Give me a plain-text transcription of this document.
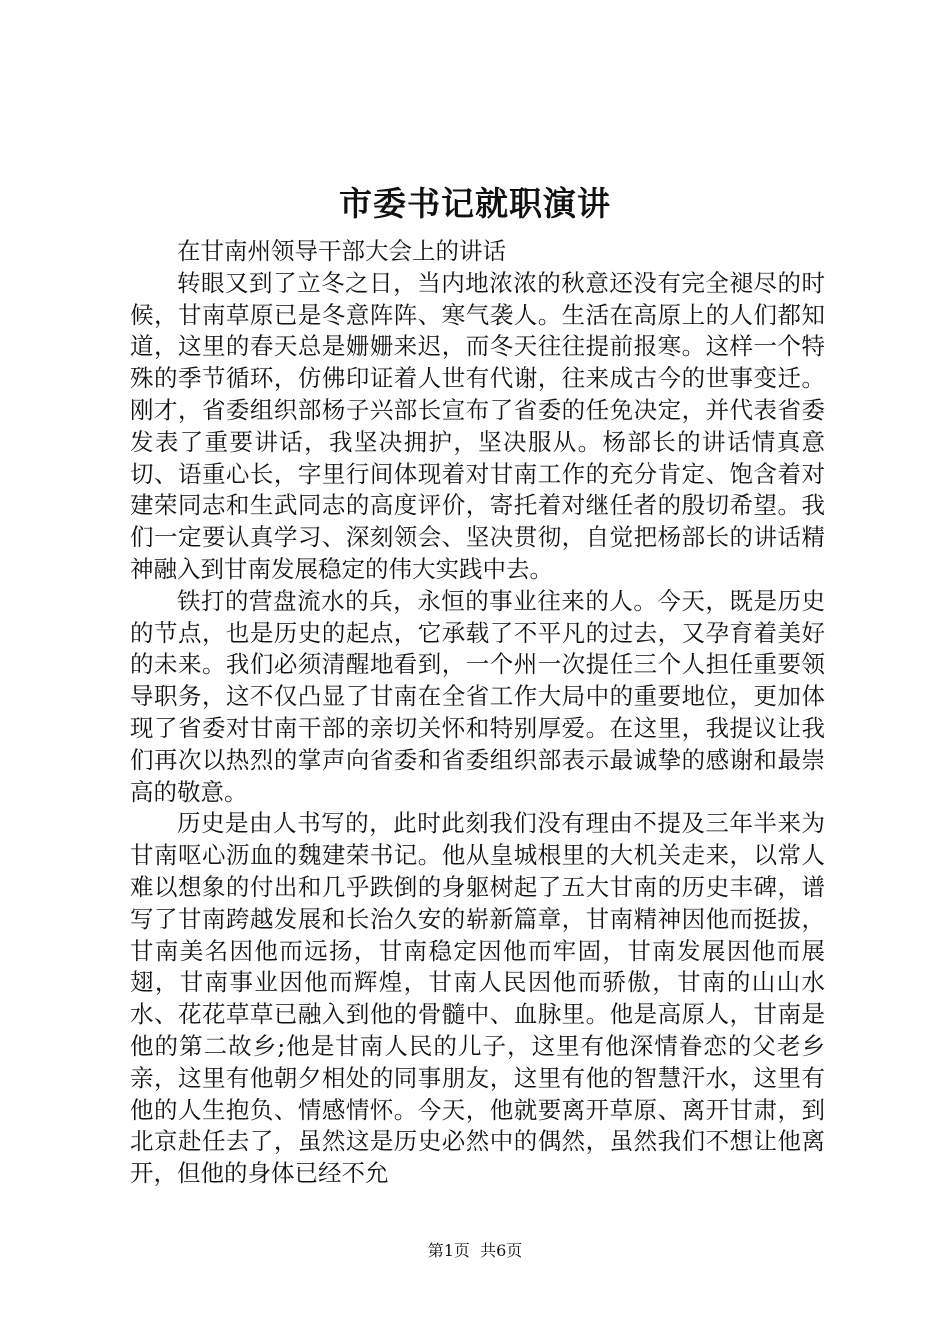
市委书记就职演讲

在甘南州领导干部大会上的讲话

转眼又到了立冬之日，当内地浓浓的秋意还没有完全褪尽的时候，甘南草原已是冬意阵阵、寒气袭人。生活在高原上的人们都知道，这里的春天总是姗姗来迟，而冬天往往提前报寒。这样一个特殊的季节循环，仿佛印证着人世有代谢，往来成古今的世事变迁。刚才，省委组织部杨子兴部长宣布了省委的任免决定，并代表省委发表了重要讲话，我坚决拥护，坚决服从。杨部长的讲话情真意切、语重心长，字里行间体现着对甘南工作的充分肯定、饱含着对建荣同志和生武同志的高度评价，寄托着对继任者的殷切希望。我们一定要认真学习、深刻领会、坚决贯彻，自觉把杨部长的讲话精神融入到甘南发展稳定的伟大实践中去。

铁打的营盘流水的兵，永恒的事业往来的人。今天，既是历史的节点，也是历史的起点，它承载了不平凡的过去，又孕育着美好的未来。我们必须清醒地看到，一个州一次提任三个人担任重要领导职务，这不仅凸显了甘南在全省工作大局中的重要地位，更加体现了省委对甘南干部的亲切关怀和特别厚爱。在这里，我提议让我们再次以热烈的掌声向省委和省委组织部表示最诚挚的感谢和最崇高的敬意。

历史是由人书写的，此时此刻我们没有理由不提及三年半来为甘南呕心沥血的魏建荣书记。他从皇城根里的大机关走来，以常人难以想象的付出和几乎跌倒的身躯树起了五大甘南的历史丰碑，谱写了甘南跨越发展和长治久安的崭新篇章，甘南精神因他而挺拔，甘南美名因他而远扬，甘南稳定因他而牢固，甘南发展因他而展翅，甘南事业因他而辉煌，甘南人民因他而骄傲，甘南的山山水水、花花草草已融入到他的骨髓中、血脉里。他是高原人，甘南是他的第二故乡;他是甘南人民的儿子，这里有他深情眷恋的父老乡亲，这里有他朝夕相处的同事朋友，这里有他的智慧汗水，这里有他的人生抱负、情感情怀。今天，他就要离开草原、离开甘肃，到北京赴任去了，虽然这是历史必然中的偶然，虽然我们不想让他离开，但他的身体已经不允

第1页 共6页
